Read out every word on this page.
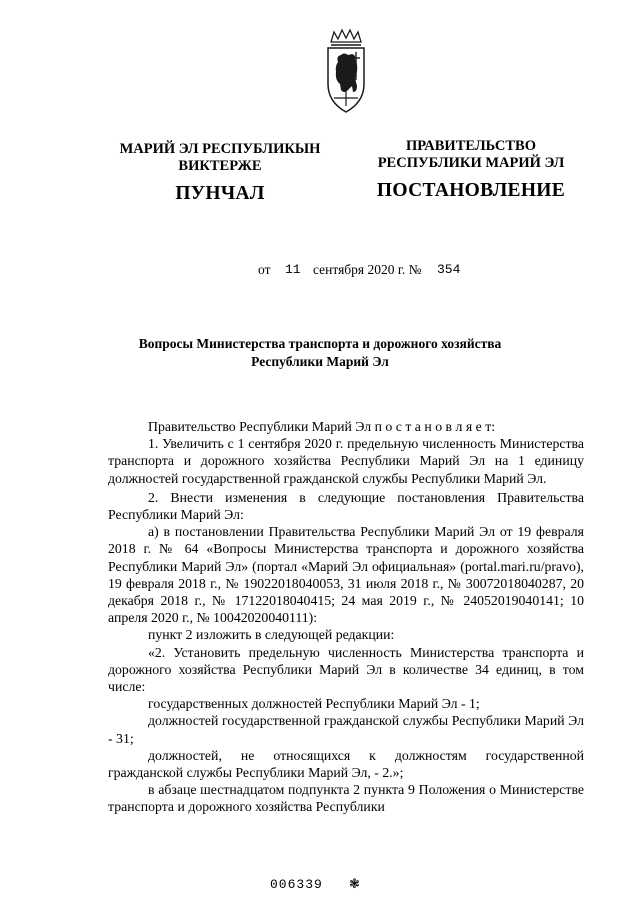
МАРИЙ ЭЛ РЕСПУБЛИКЫН
ВИКТЕРЖЕ
ПУНЧАЛ
ПРАВИТЕЛЬСТВО
РЕСПУБЛИКИ МАРИЙ ЭЛ
ПОСТАНОВЛЕНИЕ
от 11 сентября 2020 г. № 354
Вопросы Министерства транспорта и дорожного хозяйства
Республики Марий Эл

Правительство Республики Марий Эл п о с т а н о в л я е т:

1. Увеличить с 1 сентября 2020 г. предельную численность Министерства транспорта и дорожного хозяйства Республики Марий Эл на 1 единицу должностей государственной гражданской службы Республики Марий Эл.

2. Внести изменения в следующие постановления Правительства Республики Марий Эл:

а) в постановлении Правительства Республики Марий Эл от 19 февраля 2018 г. № 64 «Вопросы Министерства транспорта и дорожного хозяйства Республики Марий Эл» (портал «Марий Эл официальная» (portal.mari.ru/pravo), 19 февраля 2018 г., № 19022018040053, 31 июля 2018 г., № 30072018040287, 20 декабря 2018 г., № 17122018040415; 24 мая 2019 г., № 24052019040141; 10 апреля 2020 г., № 10042020040111):

пункт 2 изложить в следующей редакции:

«2. Установить предельную численность Министерства транспорта и дорожного хозяйства Республики Марий Эл в количестве 34 единиц, в том числе:

государственных должностей Республики Марий Эл - 1;

должностей государственной гражданской службы Республики Марий Эл - 31;

должностей, не относящихся к должностям государственной гражданской службы Республики Марий Эл, - 2.»;

в абзаце шестнадцатом подпункта 2 пункта 9 Положения о Министерстве транспорта и дорожного хозяйства Республики

006339 ❃
